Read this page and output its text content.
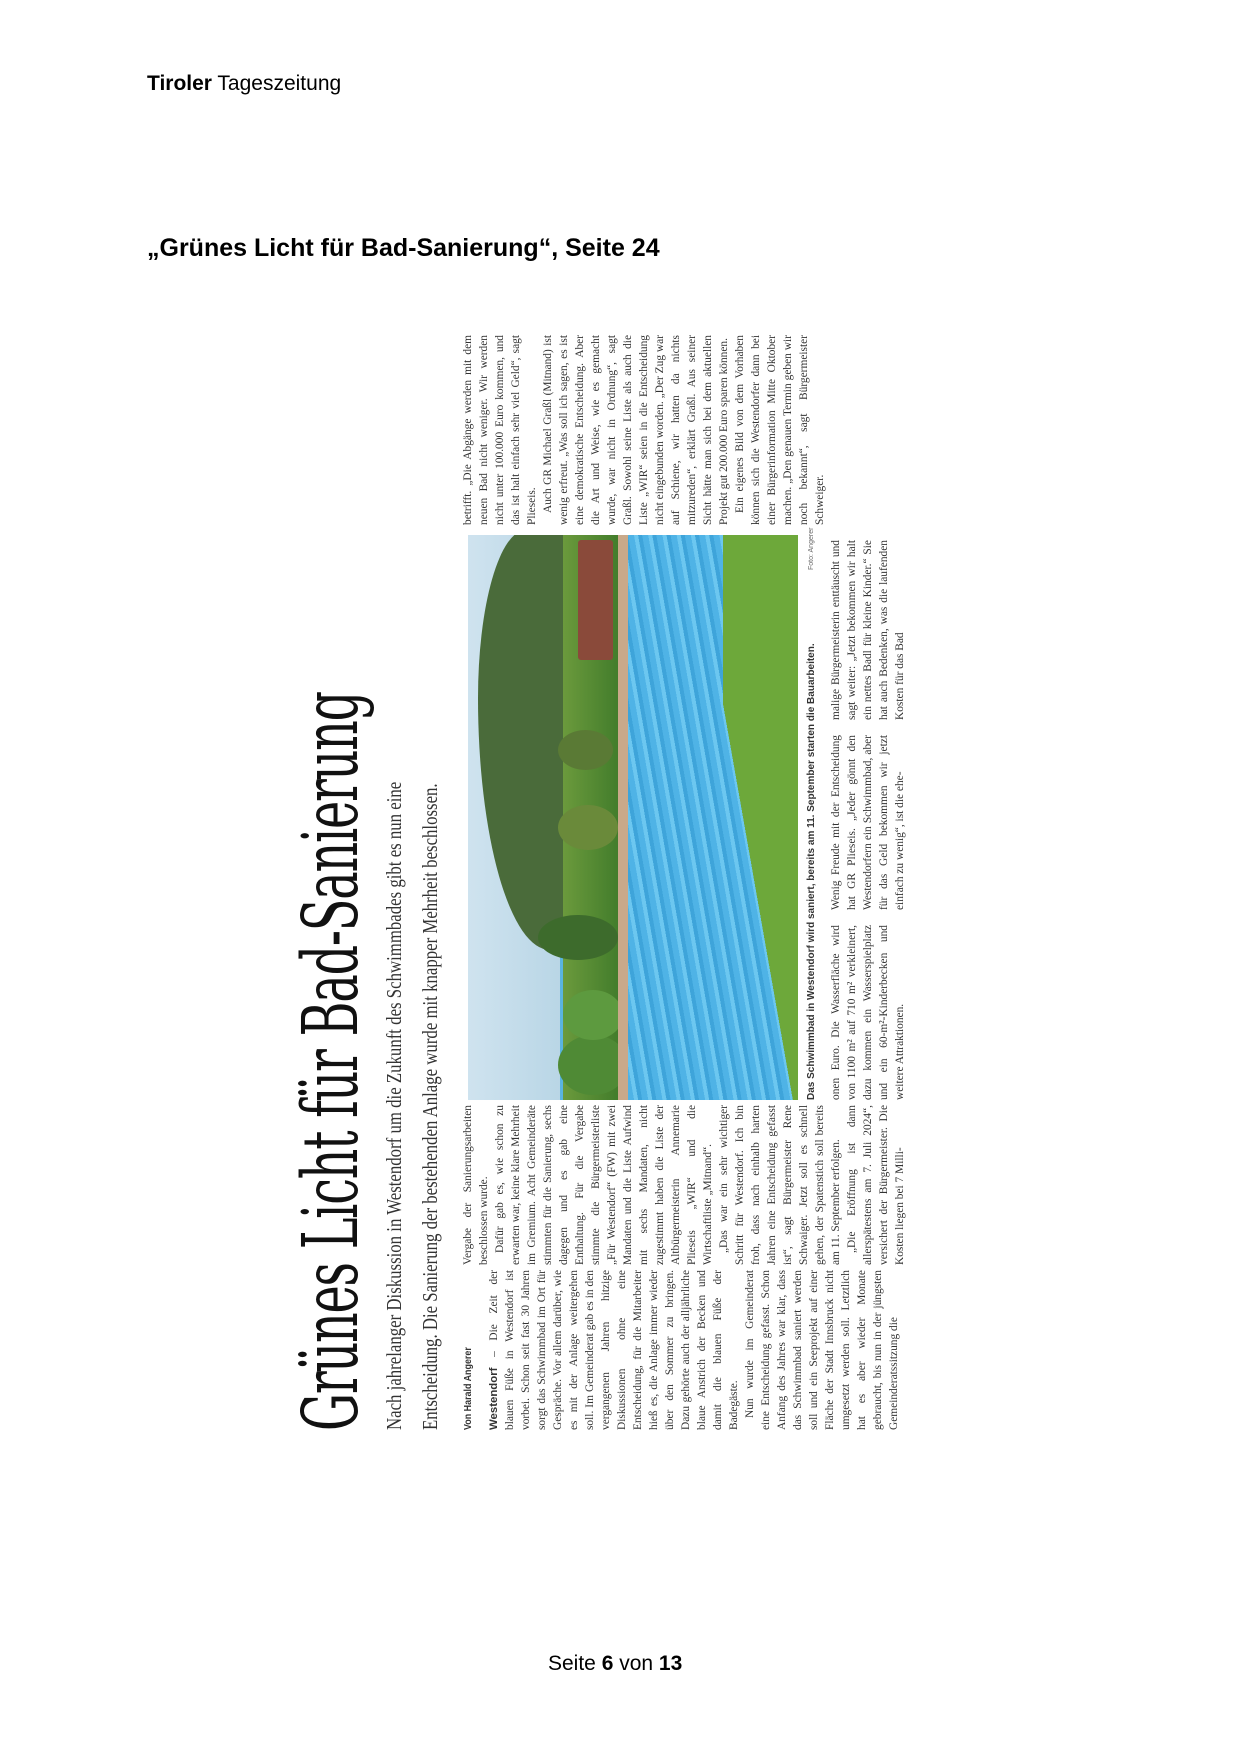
Tiroler Tageszeitung
„Grünes Licht für Bad-Sanierung“, Seite 24
Grünes Licht für Bad-Sanierung Nach jahrelanger Diskussion in Westendorf um die Zukunft des Schwimmbades gibt es nun eine Entscheidung. Die Sanierung der bestehenden Anlage wurde mit knapper Mehrheit beschlossen.	Von Harald Angerer Westendorf – Die Zeit der blauen Füße in Westendorf ist vorbei. Schon seit fast 30 Jahren sorgt das Schwimmbad im Ort für Gespräche. Vor allem darüber, wie es mit der Anlage weitergehen soll. Im Gemeinderat gab es in den vergangenen Jahren hitzige Diskussionen ohne eine Entscheidung, für die Mitarbeiter hieß es, die Anlage immer wieder über den Sommer zu bringen. Dazu gehörte auch der alljährliche blaue Anstrich der Becken und damit die blauen Füße der Badegäste. Nun wurde im Gemeinderat eine Entscheidung gefasst. Schon Anfang des Jahres war klar, dass das Schwimmbad saniert werden soll und ein Seeprojekt auf einer Fläche der Stadt Innsbruck nicht umgesetzt werden soll. Letztlich hat es aber wieder Monate gebraucht, bis nun in der jüngsten Gemeinderatssitzung die

Vergabe der Sanierungsarbeiten beschlossen wurde. Dafür gab es, wie schon zu erwarten war, keine klare Mehrheit im Gremium. Acht Gemeinderäte stimmten für die Sanierung, sechs dagegen und es gab eine Enthaltung. Für die Vergabe stimmte die Bürgermeisterliste „Für Westendorf“ (FW) mit zwei Mandaten und die Liste Aufwind mit sechs Mandaten, nicht zugestimmt haben die Liste der Altbürgermeisterin Annemarie Plieseis „WIR“ und die Wirtschaftliste „Mitnand“. „Das war ein sehr wichtiger Schritt für Westendorf. Ich bin froh, dass nach einhalb harten Jahren eine Entscheidung gefasst ist“, sagt Bürgermeister Rene Schwaiger. Jetzt soll es schnell gehen, der Spatenstich soll bereits am 11. September erfolgen. „Die Eröffnung ist dann allerspätestens am 7. Juli 2024“, versichert der Bürgermeister. Die Kosten liegen bei 7 Milli-

betrifft. „Die Abgänge werden mit dem neuen Bad nicht weniger. Wir werden nicht unter 100.000 Euro kommen, und das ist halt einfach sehr viel Geld“, sagt Plieseis. Auch GR Michael Graßl (Mitnand) ist wenig erfreut. „Was soll ich sagen, es ist eine demokratische Entscheidung. Aber die Art und Weise, wie es gemacht wurde, war nicht in Ordnung“, sagt Graßl. Sowohl seine Liste als auch die Liste „WIR“ seien in die Entscheidung nicht eingebunden worden. „Der Zug war auf Schiene, wir hatten da nichts mitzureden“, erklärt Graßl. Aus seiner Sicht hätte man sich bei dem aktuellen Projekt gut 200.000 Euro sparen können. Ein eigenes Bild von dem Vorhaben können sich die Westendorfer dann bei einer Bürgerinformation Mitte Oktober machen. „Den genauen Termin geben wir noch bekannt“, sagt Bürgermeister Schweiger.

Das Schwimmbad in Westendorf wird saniert, bereits am 11. September starten die Bauarbeiten.
Foto: Angerer

onen Euro. Die Wasserfläche wird von 1100 m² auf 710 m² verkleinert, dazu kommen ein Wasserspielplatz und ein 60-m²-Kinderbecken und weitere Attraktionen.

Wenig Freude mit der Entscheidung hat GR Plieseis. „Jeder gönnt den Westendorfern ein Schwimmbad, aber für das Geld bekommen wir jetzt einfach zu wenig“, ist die ehe-

malige Bürgermeisterin enttäuscht und sagt weiter: „Jetzt bekommen wir halt ein nettes Badl für kleine Kinder.“ Sie hat auch Bedenken, was die laufenden Kosten für das Bad

Seite 6 von 13
